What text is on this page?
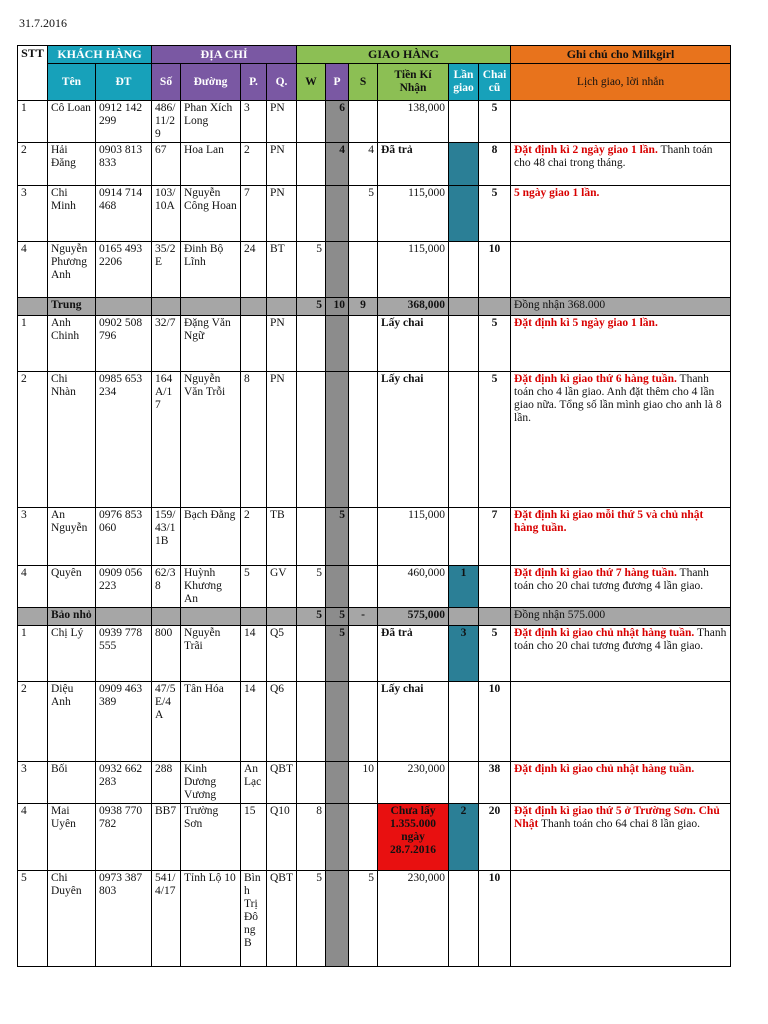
31.7.2016
STT	KHÁCH HÀNG		ĐỊA CHỈ				GIAO HÀNG						Ghi chú cho Milkgirl
	Tên	ĐT	Số	Đường	P.	Q.	W	P	S	Tiền Kí Nhận	Lần giao	Chai cũ	Lịch giao, lời nhắn
1	Cô Loan	0912 142 299	486/11/29	Phan Xích Long	3	PN		6		138,000		5	
2	Hải Đăng	0903 813 833	67	Hoa Lan	2	PN		4	4	Đã trả		8	Đặt định kì 2 ngày giao 1 lần. Thanh toán cho 48 chai trong tháng.
3	Chi Minh	0914 714 468	103/10A	Nguyễn Công Hoan	7	PN			5	115,000		5	5 ngày giao 1 lần.
4	Nguyễn Phương Anh	0165 493 2206	35/2E	Đinh Bộ Lĩnh	24	BT	5			115,000		10	
	Trung						5	10	9	368,000			Đồng nhận 368.000
1	Anh Chinh	0902 508 796	32/7	Đặng Văn Ngữ		PN				Lấy chai		5	Đặt định kì 5 ngày giao 1 lần.
2	Chi Nhàn	0985 653 234	164A/17	Nguyễn Văn Trỗi	8	PN				Lấy chai		5	Đặt định kì giao thứ 6 hàng tuần. Thanh toán cho 4 lần giao. Anh đặt thêm cho 4 lần giao nữa. Tổng số lần mình giao cho anh là 8 lần.
3	An Nguyễn	0976 853 060	159/43/1 1B	Bạch Đằng	2	TB		5		115,000		7	Đặt định kì giao mỗi thứ 5 và chủ nhật hàng tuần.
4	Quyên	0909 056 223	62/38	Huỳnh Khương An	5	GV	5			460,000	1		Đặt định kì giao thứ 7 hàng tuần. Thanh toán cho 20 chai tương đương 4 lần giao.
	Bảo nhỏ						5	5	-	575,000			Đồng nhận 575.000
1	Chị Lý	0939 778 555	800	Nguyễn Trãi	14	Q5		5		Đã trả	3	5	Đặt định kì giao chủ nhật hàng tuần. Thanh toán cho 20 chai tương đương 4 lần giao.
2	Diệu Anh	0909 463 389	47/5E/4A	Tân Hóa	14	Q6				Lấy chai		10	
3	Bối	0932 662 283	288	Kinh Dương Vương	An Lạc	QBT			10	230,000		38	Đặt định kì giao chủ nhật hàng tuần.
4	Mai Uyên	0938 770 782	BB7	Trường Sơn	15	Q10	8			Chưa lấy 1.355.000 ngày 28.7.2016	2	20	Đặt định kì giao thứ 5 ở Trường Sơn. Chủ Nhật Thanh toán cho 64 chai 8 lần giao.
5	Chi Duyên	0973 387 803	541/4/17	Tỉnh Lộ 10	Bình Trị Đông B	QBT	5		5	230,000		10	
